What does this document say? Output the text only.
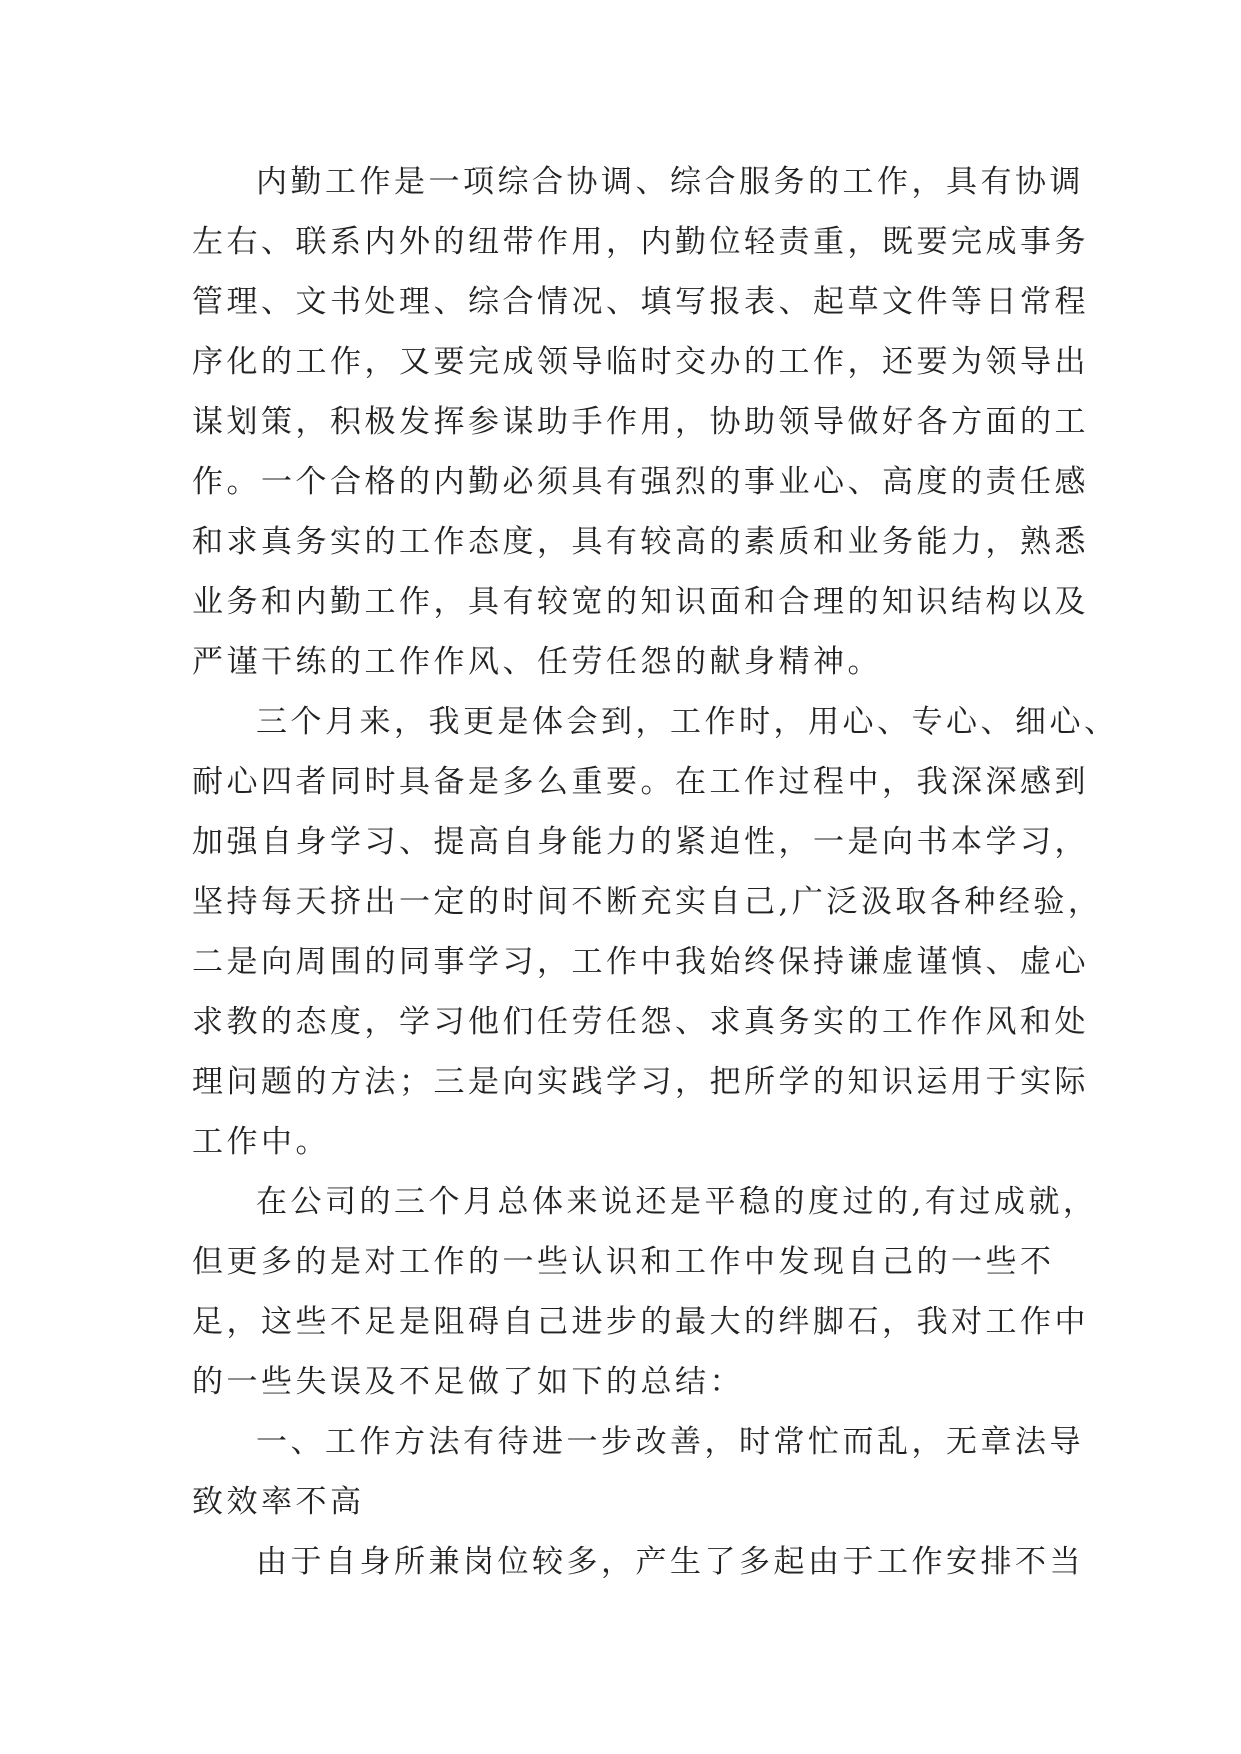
内勤工作是一项综合协调、综合服务的工作，具有协调
左右、联系内外的纽带作用，内勤位轻责重，既要完成事务
管理、文书处理、综合情况、填写报表、起草文件等日常程
序化的工作，又要完成领导临时交办的工作，还要为领导出
谋划策，积极发挥参谋助手作用，协助领导做好各方面的工
作。一个合格的内勤必须具有强烈的事业心、高度的责任感
和求真务实的工作态度，具有较高的素质和业务能力，熟悉
业务和内勤工作，具有较宽的知识面和合理的知识结构以及
严谨干练的工作作风、任劳任怨的献身精神。
三个月来，我更是体会到，工作时，用心、专心、细心、
耐心四者同时具备是多么重要。在工作过程中，我深深感到
加强自身学习、提高自身能力的紧迫性，一是向书本学习，
坚持每天挤出一定的时间不断充实自己,广泛汲取各种经验，
二是向周围的同事学习，工作中我始终保持谦虚谨慎、虚心
求教的态度，学习他们任劳任怨、求真务实的工作作风和处
理问题的方法；三是向实践学习，把所学的知识运用于实际
工作中。
在公司的三个月总体来说还是平稳的度过的,有过成就，
但更多的是对工作的一些认识和工作中发现自己的一些不
足，这些不足是阻碍自己进步的最大的绊脚石，我对工作中
的一些失误及不足做了如下的总结：
一、工作方法有待进一步改善，时常忙而乱，无章法导
致效率不高
由于自身所兼岗位较多，产生了多起由于工作安排不当
